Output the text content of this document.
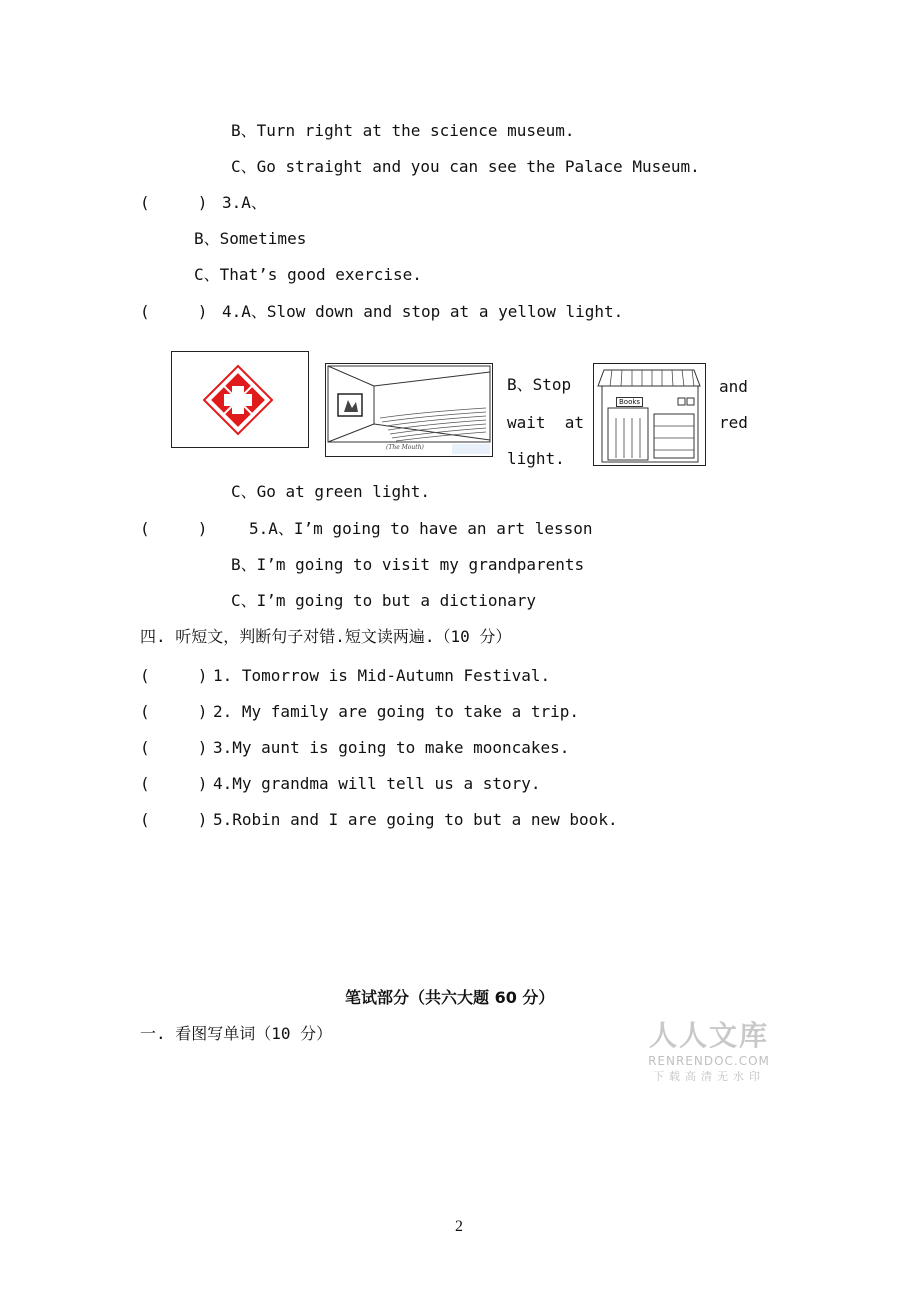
B、Turn right at the science museum.
C、Go straight and you can see the Palace Museum.
(     ) 3.A、
B、Sometimes
C、That’s good exercise.
(     ) 4.A、Slow down and stop at a yellow light.
(The Mouth)
B、Stop
wait  at
light.
Books
and
red
C、Go at green light.
(     )	5.A、I’m going to have an art lesson
B、I’m going to visit my grandparents
C、I’m going to but a dictionary
四. 听短文，判断句子对错.短文读两遍.（10 分）
(     ) 1. Tomorrow is Mid-Autumn Festival.
(     ) 2. My family are going to take a trip.
(     ) 3.My aunt is going to make mooncakes.
(     ) 4.My grandma will tell us a story.
(     ) 5.Robin and I are going to but a new book.
笔试部分（共六大题 60 分）
一. 看图写单词（10 分）	人人文库
RENRENDOC.COM
下载高清无水印
2
